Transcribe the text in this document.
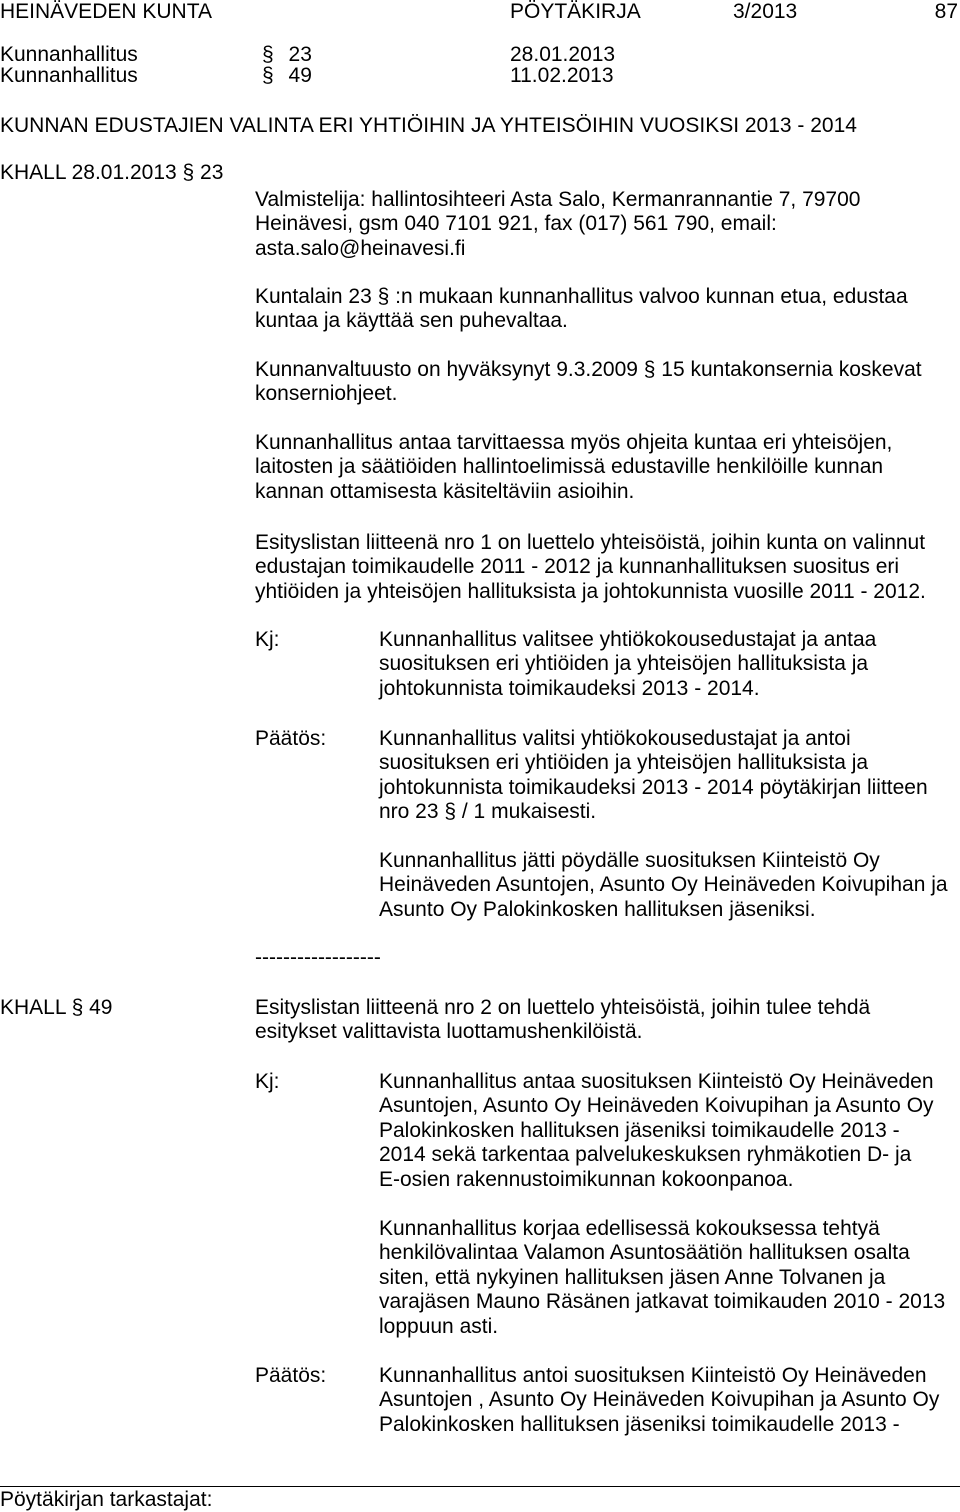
HEINÄVEDEN KUNTA	PÖYTÄKIRJA	3/2013	87
Kunnanhallitus	§ 23	28.01.2013
Kunnanhallitus	§ 49	11.02.2013
KUNNAN EDUSTAJIEN VALINTA ERI YHTIÖIHIN JA YHTEISÖIHIN VUOSIKSI 2013 - 2014
KHALL 28.01.2013 § 23
Valmistelija: hallintosihteeri Asta Salo, Kermanrannantie 7, 79700
Heinävesi, gsm 040 7101 921, fax (017) 561 790, email:
asta.salo@heinavesi.fi
Kuntalain 23 § :n mukaan kunnanhallitus valvoo kunnan etua, edustaa
kuntaa ja käyttää sen puhevaltaa.
Kunnanvaltuusto on hyväksynyt 9.3.2009 § 15 kuntakonsernia koskevat
konserniohjeet.
Kunnanhallitus antaa tarvittaessa myös ohjeita kuntaa eri yhteisöjen,
laitosten ja säätiöiden hallintoelimissä edustaville henkilöille kunnan
kannan ottamisesta käsiteltäviin asioihin.
Esityslistan liitteenä nro 1 on luettelo yhteisöistä, joihin kunta on valinnut
edustajan toimikaudelle 2011 - 2012 ja kunnanhallituksen suositus eri
yhtiöiden ja yhteisöjen hallituksista ja johtokunnista vuosille 2011 - 2012.
Kj:	Kunnanhallitus valitsee yhtiökokousedustajat ja antaa
suosituksen eri yhtiöiden ja yhteisöjen hallituksista ja
johtokunnista toimikaudeksi 2013 - 2014.
Päätös:	Kunnanhallitus valitsi yhtiökokousedustajat ja antoi
suosituksen eri yhtiöiden ja yhteisöjen hallituksista ja
johtokunnista toimikaudeksi 2013 - 2014 pöytäkirjan liitteen
nro 23 § / 1 mukaisesti.
Kunnanhallitus jätti pöydälle suosituksen Kiinteistö Oy
Heinäveden Asuntojen, Asunto Oy Heinäveden Koivupihan ja
Asunto Oy Palokinkosken hallituksen jäseniksi.
------------------
KHALL § 49	Esityslistan liitteenä nro 2 on luettelo yhteisöistä, joihin tulee tehdä
esitykset valittavista luottamushenkilöistä.
Kj:	Kunnanhallitus antaa suosituksen Kiinteistö Oy Heinäveden
Asuntojen, Asunto Oy Heinäveden Koivupihan ja Asunto Oy
Palokinkosken hallituksen jäseniksi toimikaudelle 2013 -
2014 sekä tarkentaa palvelukeskuksen ryhmäkotien D- ja
E-osien rakennustoimikunnan kokoonpanoa.
Kunnanhallitus korjaa edellisessä kokouksessa tehtyä
henkilövalintaa Valamon Asuntosäätiön hallituksen osalta
siten, että nykyinen hallituksen jäsen Anne Tolvanen ja
varajäsen Mauno Räsänen jatkavat toimikauden 2010 - 2013
loppuun asti.
Päätös:	Kunnanhallitus antoi suosituksen Kiinteistö Oy Heinäveden
Asuntojen , Asunto Oy Heinäveden Koivupihan ja Asunto Oy
Palokinkosken hallituksen jäseniksi toimikaudelle 2013 -
Pöytäkirjan tarkastajat:
